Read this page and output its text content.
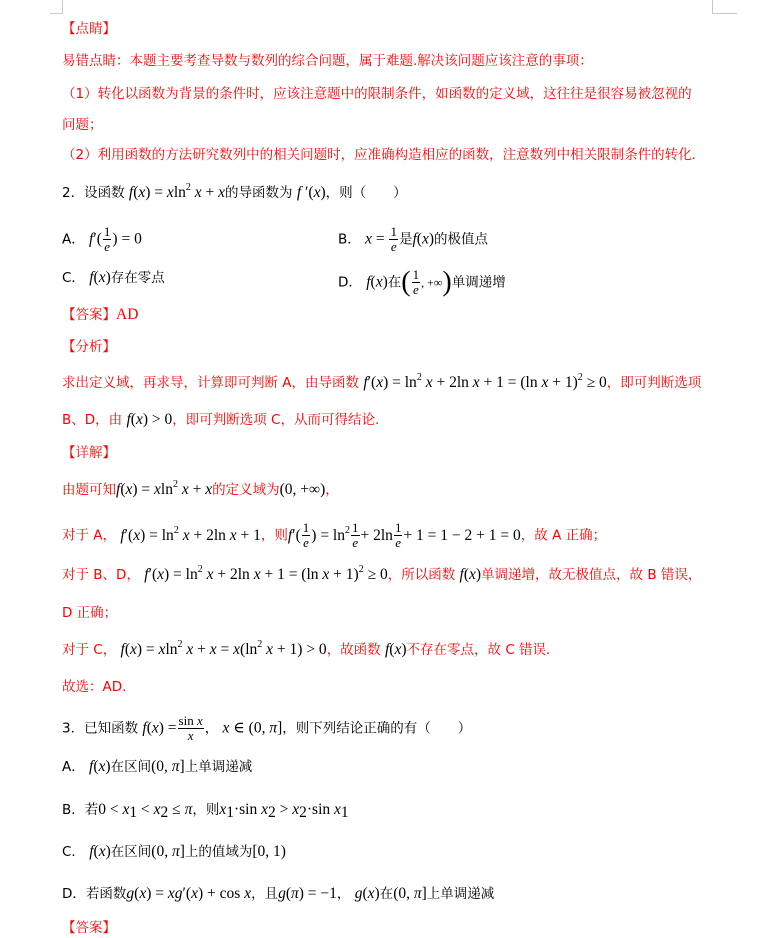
【点睛】
易错点睛：本题主要考查导数与数列的综合问题，属于难题.解决该问题应该注意的事项：
（1）转化以函数为背景的条件时，应该注意题中的限制条件，如函数的定义域，这往往是很容易被忽视的
问题；
（2）利用函数的方法研究数列中的相关问题时，应准确构造相应的函数，注意数列中相关限制条件的转化.
2．设函数 f(x) = xln$^2$ x + x的导函数为 f ′(x)，则（　　）
A． $f'( \frac{1}{e}$ ) = 0	B． $x = \frac{1}{e}$ 是f(x)的极值点
C． f(x)存在零点	D． f(x)在( $\frac{1}{e}$ , +∞)单调递增
【答案】AD
【分析】
求出定义域，再求导，计算即可判断 A，由导函数 $f'(x) = \ln^2 x + 2\ln$ x + 1 = (ln x + 1)$^2$ ≥ 0，即可判断选项
B、D，由 f(x) > 0，即可判断选项 C，从而可得结论.
【详解】
由题可知f(x) = xln$^2$ x + x的定义域为(0, +∞)，
对于 A， $f'(x) = \ln^2 x + 2\ln$ x + 1，则$f'( \frac{1}{e}$ ) = $\ln^2 \frac{1}{e} + 2\ln \frac{1}{e} + 1 = 1 - 2 + 1 = 0$，故 A 正确；
对于 B、D， $f'(x) = \ln^2 x + 2\ln$ x + 1 = (ln x + 1)$^2$ ≥ 0，所以函数 f(x)单调递增，故无极值点，故 B 错误，
D 正确；
对于 C， f(x) = xln$^2$ $x + x = x(\ln^2$ x + 1) > 0，故函数 f(x)不存在零点，故 C 错误.
故选：AD.
3．已知函数 $f(x) = \frac{\text{sin x}}{x}$ ， x ∈ (0, π]，则下列结论正确的有（　　）
A． f(x)在区间(0, π]上单调递减
B．若$0 < x_1 < x_2 \le \pi$，则$x_1\cdot\sin$ $x_2 > x_2\cdot\sin$ $x_1$
C． f(x)在区间(0, π]上的值域为[0, 1)
D．若函数g(x) = xg′(x) + cos x，且g(π) = −1， g(x)在(0, π]上单调递减
【答案】
